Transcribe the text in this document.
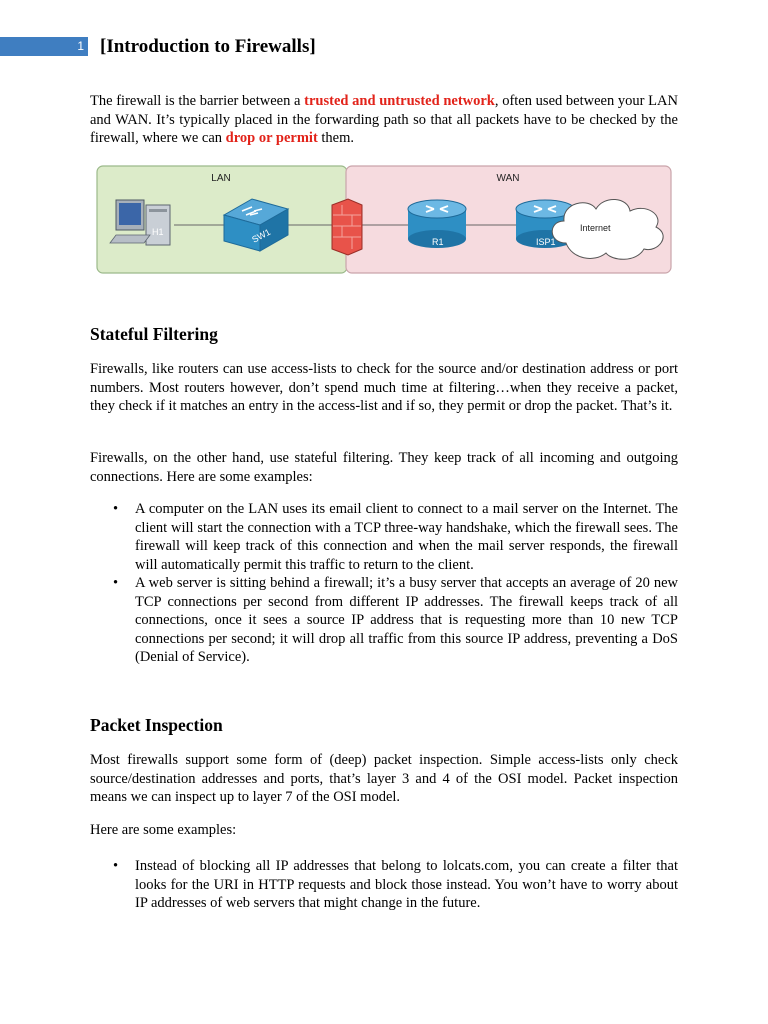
1 [Introduction to Firewalls]

The firewall is the barrier between a trusted and untrusted network, often used between your LAN and WAN. It’s typically placed in the forwarding path so that all packets have to be checked by the firewall, where we can drop or permit them.

LAN	WAN
H1	SW1	R1	ISP1
Internet
Stateful Filtering

Firewalls, like routers can use access-lists to check for the source and/or destination address or port numbers. Most routers however, don’t spend much time at filtering…when they receive a packet, they check if it matches an entry in the access-list and if so, they permit or drop the packet. That’s it.

Firewalls, on the other hand, use stateful filtering. They keep track of all incoming and outgoing connections. Here are some examples:

• A computer on the LAN uses its email client to connect to a mail server on the Internet. The client will start the connection with a TCP three-way handshake, which the firewall sees. The firewall will keep track of this connection and when the mail server responds, the firewall will automatically permit this traffic to return to the client.
• A web server is sitting behind a firewall; it’s a busy server that accepts an average of 20 new TCP connections per second from different IP addresses. The firewall keeps track of all connections, once it sees a source IP address that is requesting more than 10 new TCP connections per second; it will drop all traffic from this source IP address, preventing a DoS (Denial of Service).
Packet Inspection

Most firewalls support some form of (deep) packet inspection. Simple access-lists only check source/destination addresses and ports, that’s layer 3 and 4 of the OSI model. Packet inspection means we can inspect up to layer 7 of the OSI model.

Here are some examples:

• Instead of blocking all IP addresses that belong to lolcats.com, you can create a filter that looks for the URI in HTTP requests and block those instead. You won’t have to worry about IP addresses of web servers that might change in the future.
